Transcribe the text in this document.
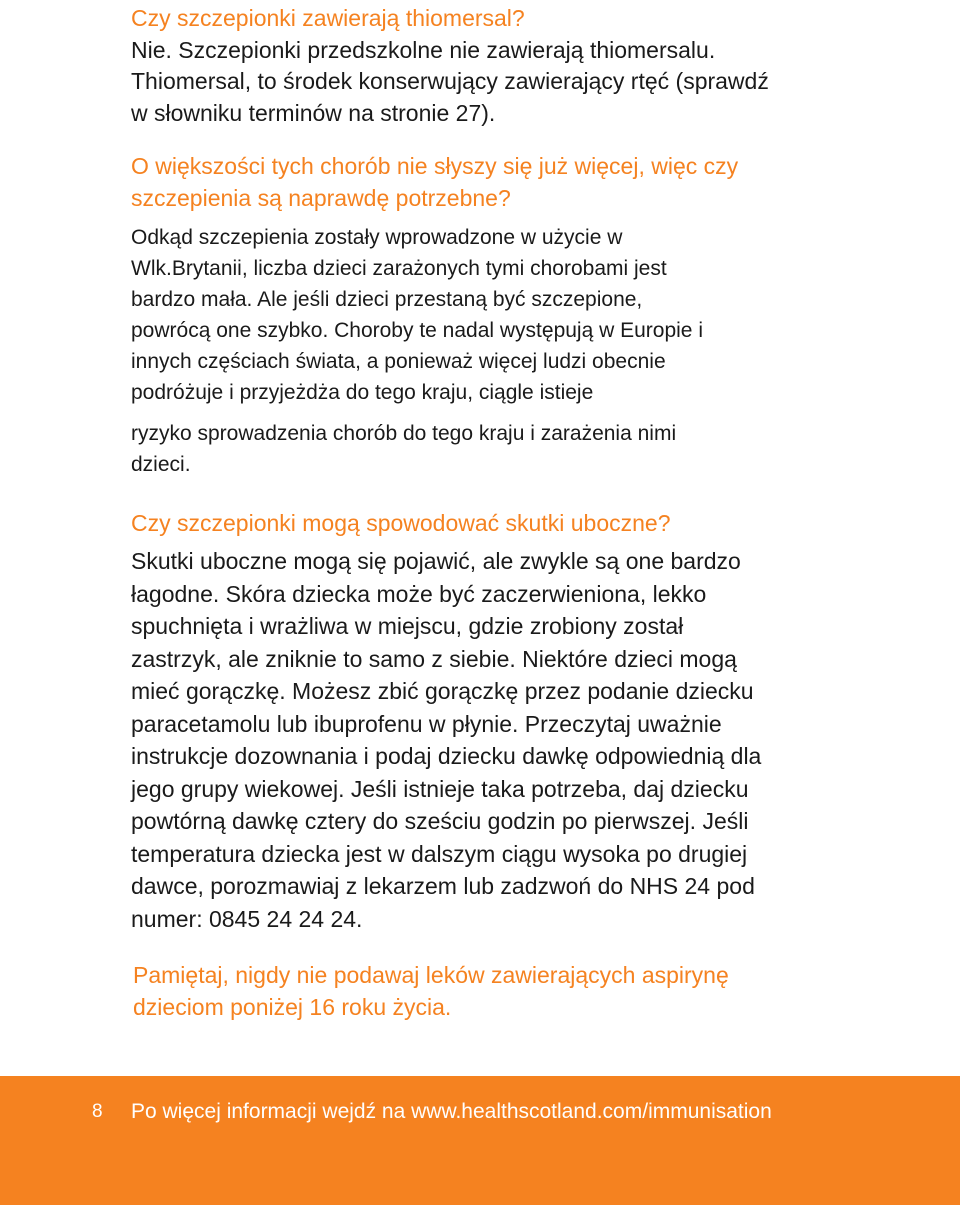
Czy szczepionki zawierają thiomersal?
Nie. Szczepionki przedszkolne nie zawierają thiomersalu.
Thiomersal, to środek konserwujący zawierający rtęć (sprawdź
w słowniku terminów na stronie 27).
O większości tych chorób nie słyszy się już więcej, więc czy
szczepienia są naprawdę potrzebne?
Odkąd szczepienia zostały wprowadzone w użycie w
Wlk.Brytanii, liczba dzieci zarażonych tymi chorobami jest
bardzo mała. Ale jeśli dzieci przestaną być szczepione,
powrócą one szybko. Choroby te nadal występują w Europie i
innych częściach świata, a ponieważ więcej ludzi obecnie
podróżuje i przyjeżdża do tego kraju, ciągle istieje
ryzyko sprowadzenia chorób do tego kraju i zarażenia nimi
dzieci.
Czy szczepionki mogą spowodować skutki uboczne?
Skutki uboczne mogą się pojawić, ale zwykle są one bardzo
łagodne. Skóra dziecka może być zaczerwieniona, lekko
spuchnięta i wrażliwa w miejscu, gdzie zrobiony został
zastrzyk, ale zniknie to samo z siebie. Niektóre dzieci mogą
mieć gorączkę. Możesz zbić gorączkę przez podanie dziecku
paracetamolu lub ibuprofenu w płynie. Przeczytaj uważnie
instrukcje dozownania i podaj dziecku dawkę odpowiednią dla
jego grupy wiekowej. Jeśli istnieje taka potrzeba, daj dziecku
powtórną dawkę cztery do sześciu godzin po pierwszej. Jeśli
temperatura dziecka jest w dalszym ciągu wysoka po drugiej
dawce, porozmawiaj z lekarzem lub zadzwoń do NHS 24 pod
numer: 0845 24 24 24.
Pamiętaj, nigdy nie podawaj leków zawierających aspirynę
dzieciom poniżej 16 roku życia.
8 Po więcej informacji wejdź na www.healthscotland.com/immunisation
